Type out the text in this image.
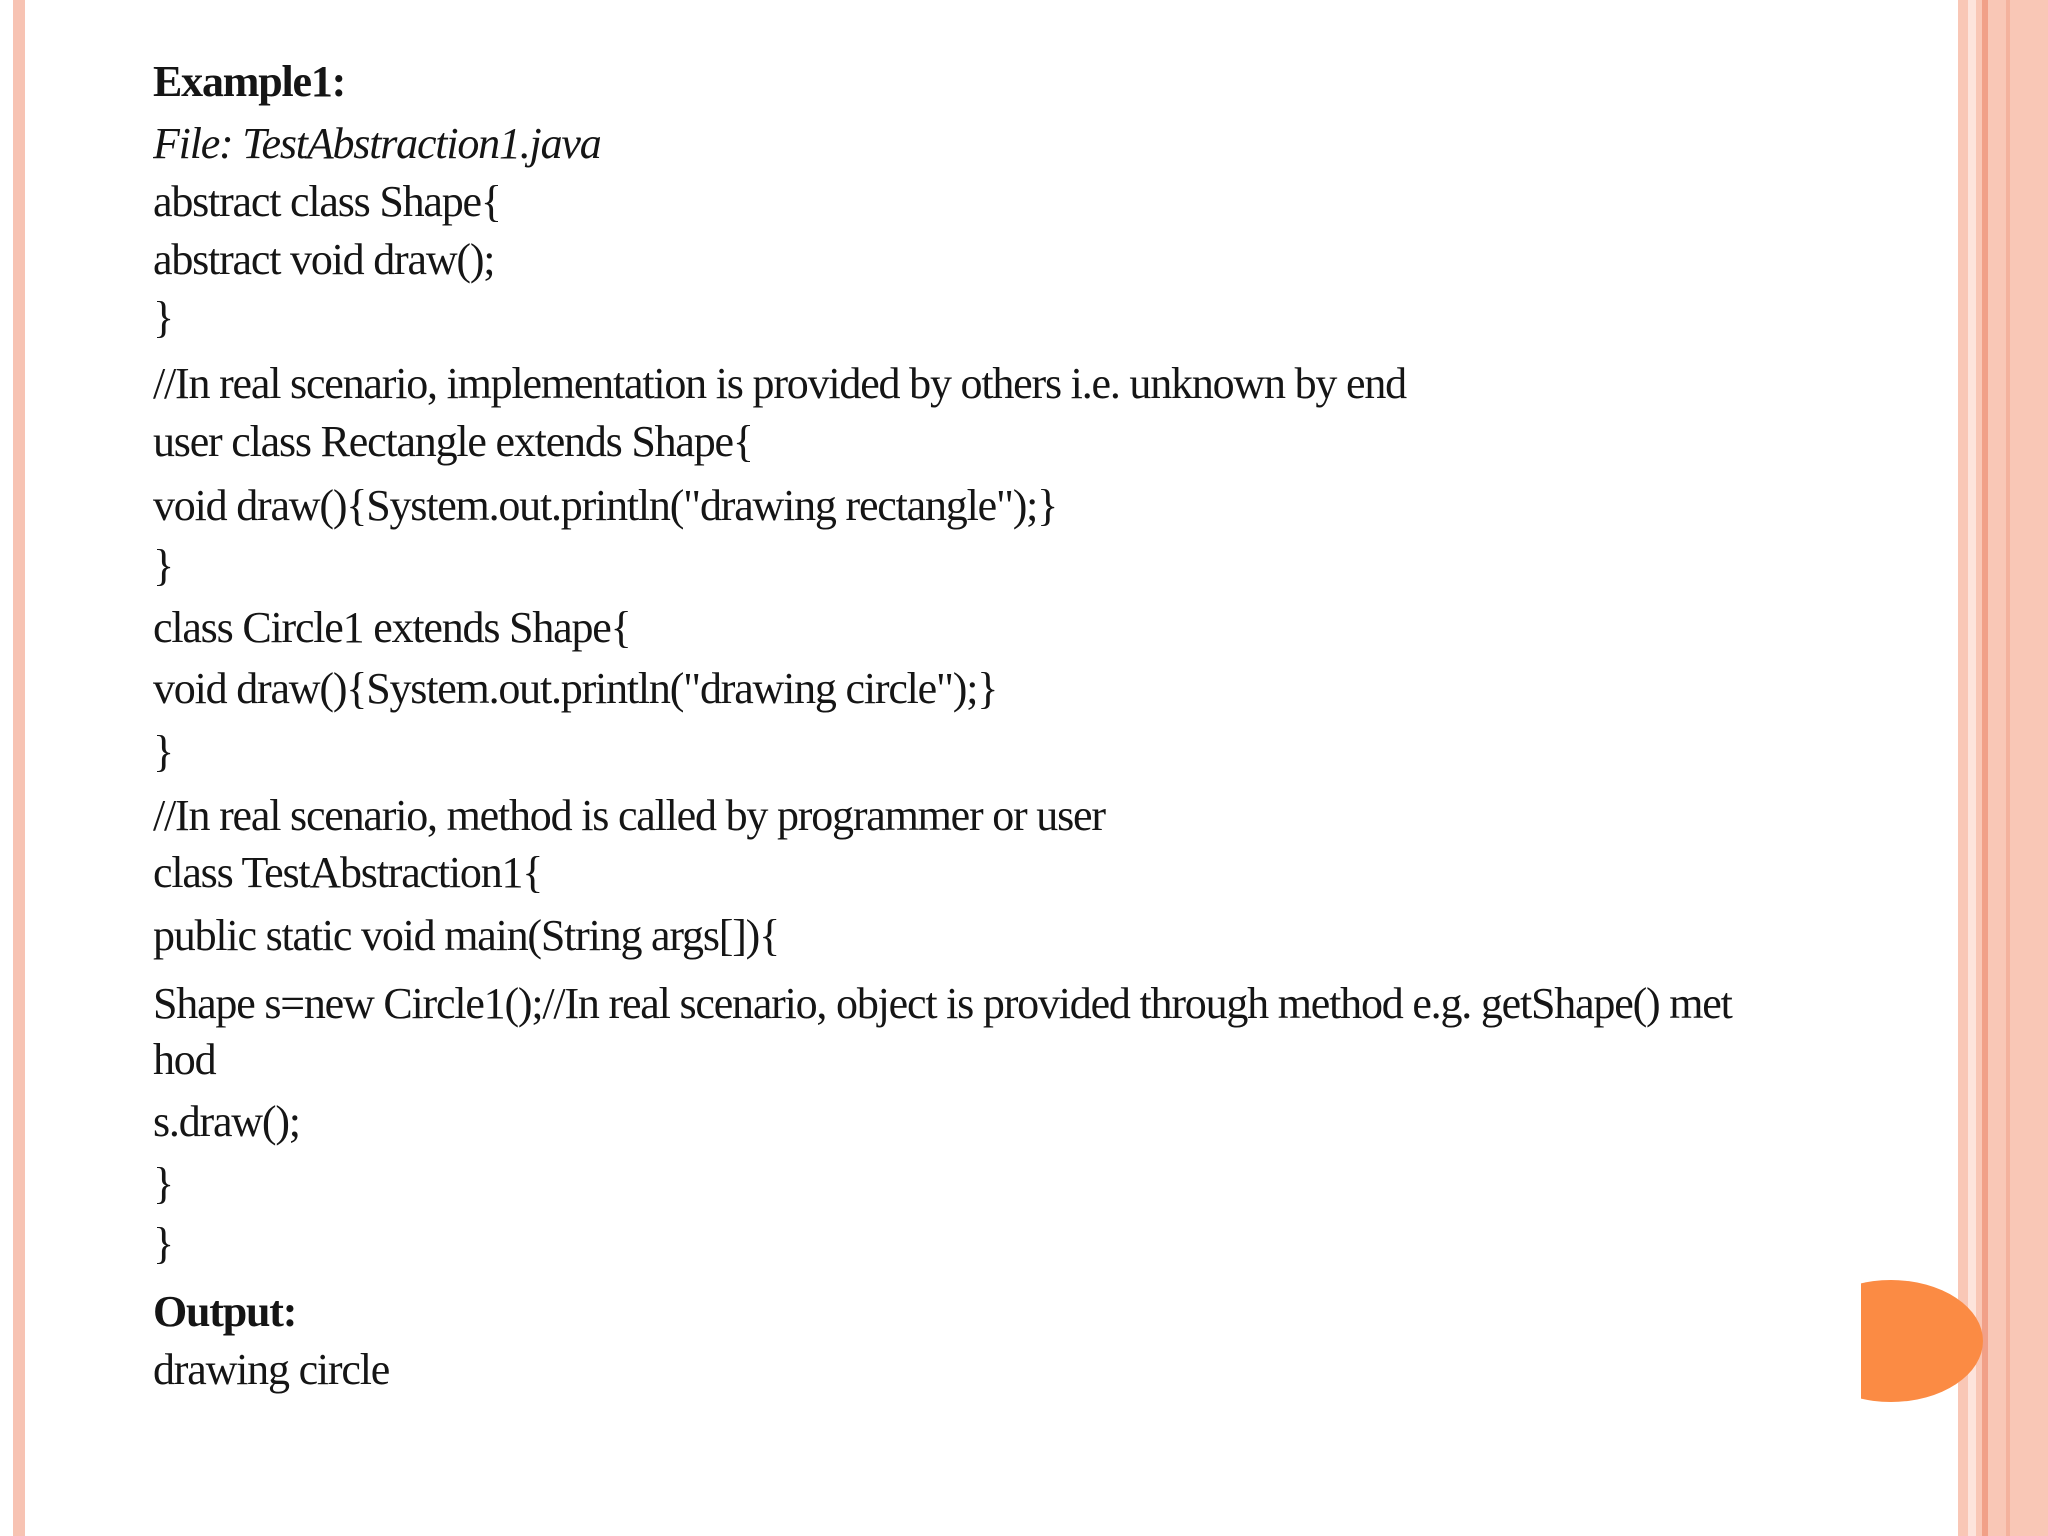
Example1:
File: TestAbstraction1.java
abstract class Shape{
abstract void draw();
}
//In real scenario, implementation is provided by others i.e. unknown by end
user class Rectangle extends Shape{
void draw(){System.out.println("drawing rectangle");}
}
class Circle1 extends Shape{
void draw(){System.out.println("drawing circle");}
}
//In real scenario, method is called by programmer or user
class TestAbstraction1{
public static void main(String args[]){
Shape s=new Circle1();//In real scenario, object is provided through method e.g. getShape() met
hod
s.draw();
}
}
Output:
drawing circle
